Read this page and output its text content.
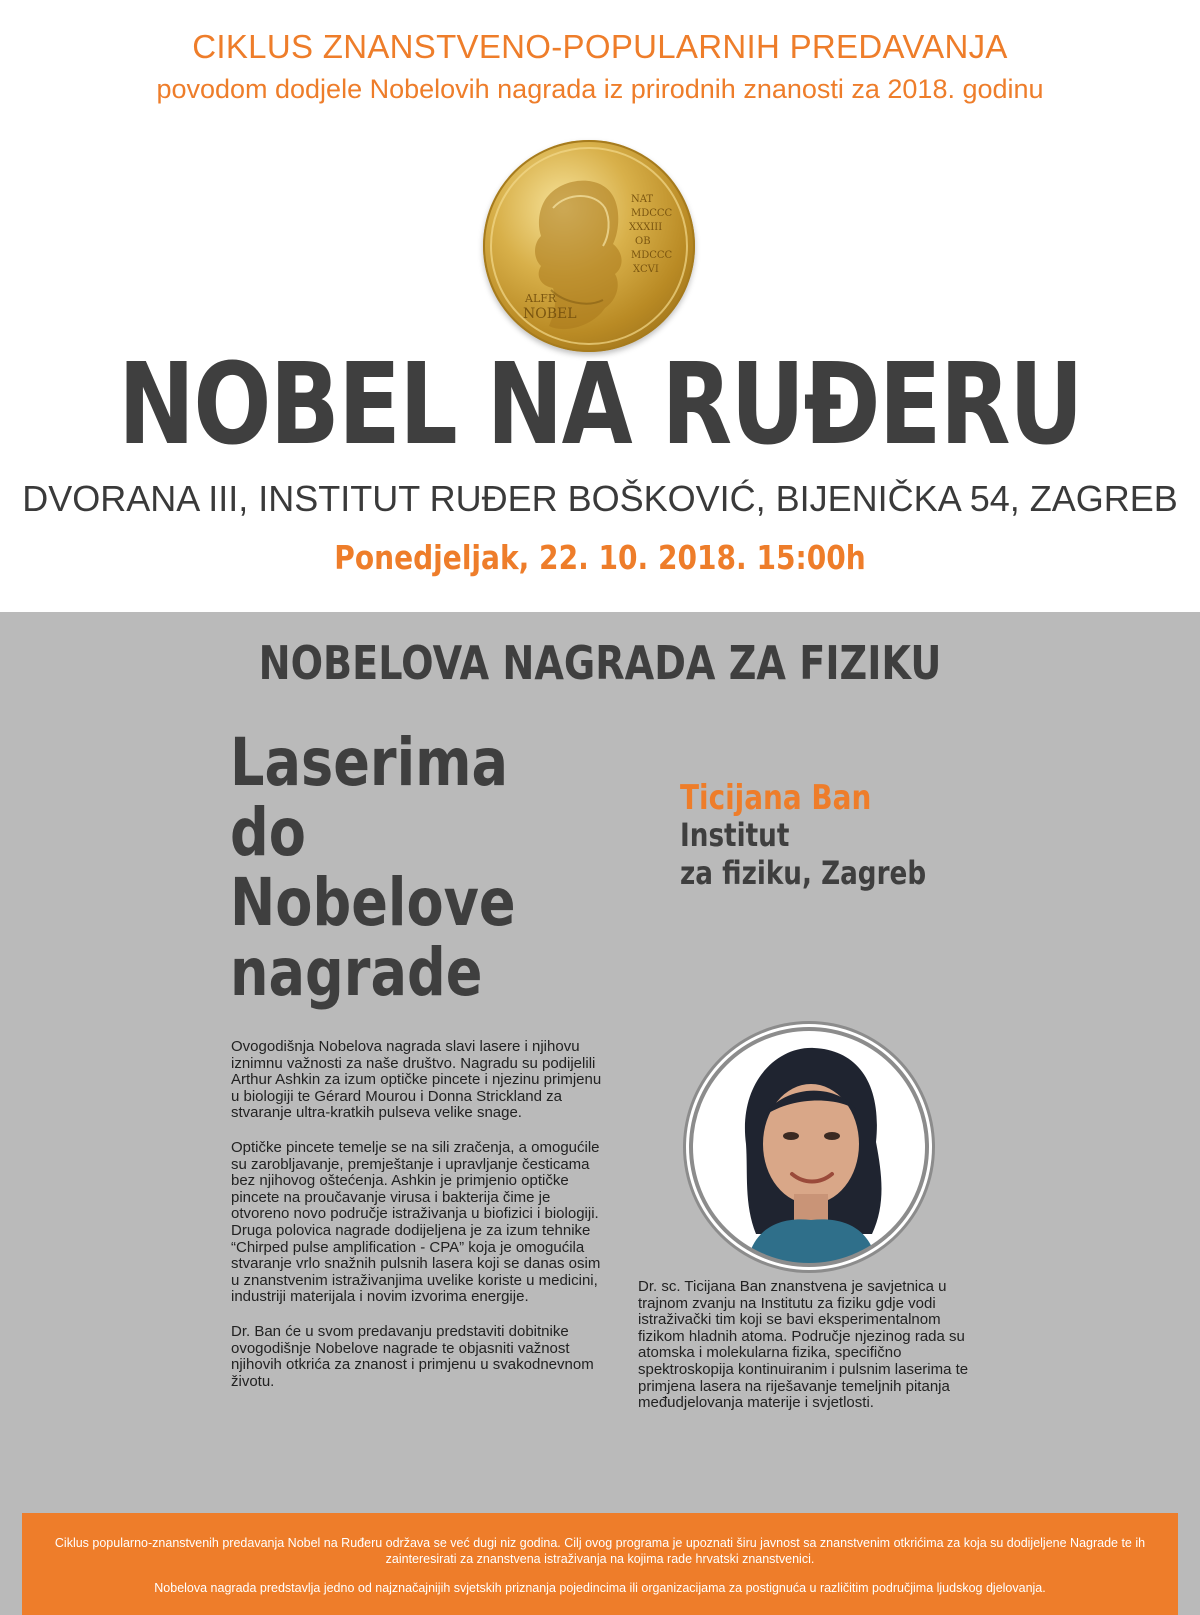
CIKLUS ZNANSTVENO-POPULARNIH PREDAVANJA
povodom dodjele Nobelovih nagrada iz prirodnih znanosti za 2018. godinu
ALFR
NOBEL
NAT
MDCCC
XXXIII
OB
MDCCC
XCVI
NOBEL NA RUĐERU
DVORANA III, INSTITUT RUĐER BOŠKOVIĆ, BIJENIČKA 54, ZAGREB
Ponedjeljak, 22. 10. 2018. 15:00h
NOBELOVA NAGRADA ZA FIZIKU
Laserima do
Nobelove
nagrade
Ticijana Ban
Institut
za fiziku, Zagreb

Ovogodišnja Nobelova nagrada slavi lasere i njihovu iznimnu važnosti za naše društvo. Nagradu su podijelili Arthur Ashkin za izum optičke pincete i njezinu primjenu u biologiji te Gérard Mourou i Donna Strickland za stvaranje ultra-kratkih pulseva velike snage.

Optičke pincete temelje se na sili zračenja, a omogućile su zarobljavanje, premještanje i upravljanje česticama bez njihovog oštećenja. Ashkin je primjenio optičke pincete na proučavanje virusa i bakterija čime je otvoreno novo područje istraživanja u biofizici i biologiji. Druga polovica nagrade dodijeljena je za izum tehnike “Chirped pulse amplification - CPA” koja je omogućila stvaranje vrlo snažnih pulsnih lasera koji se danas osim u znanstvenim istraživanjima uvelike koriste u medicini, industriji materijala i novim izvorima energije.

Dr. Ban će u svom predavanju predstaviti dobitnike ovogodišnje Nobelove nagrade te objasniti važnost njihovih otkrića za znanost i primjenu u svakodnevnom životu.

Dr. sc. Ticijana Ban znanstvena je savjetnica u trajnom zvanju na Institutu za fiziku gdje vodi istraživački tim koji se bavi eksperimentalnom fizikom hladnih atoma. Područje njezinog rada su atomska i molekularna fizika, specifično spektroskopija kontinuiranim i pulsnim laserima te primjena lasera na riješavanje temeljnih pitanja međudjelovanja materije i svjetlosti.

Ciklus popularno-znanstvenih predavanja Nobel na Ruđeru održava se već dugi niz godina. Cilj ovog programa je upoznati širu javnost sa znanstvenim otkrićima za koja su dodijeljene Nagrade te ih zainteresirati za znanstvena istraživanja na kojima rade hrvatski znanstvenici.

Nobelova nagrada predstavlja jedno od najznačajnijih svjetskih priznanja pojedincima ili organizacijama za postignuća u različitim područjima ljudskog djelovanja.
